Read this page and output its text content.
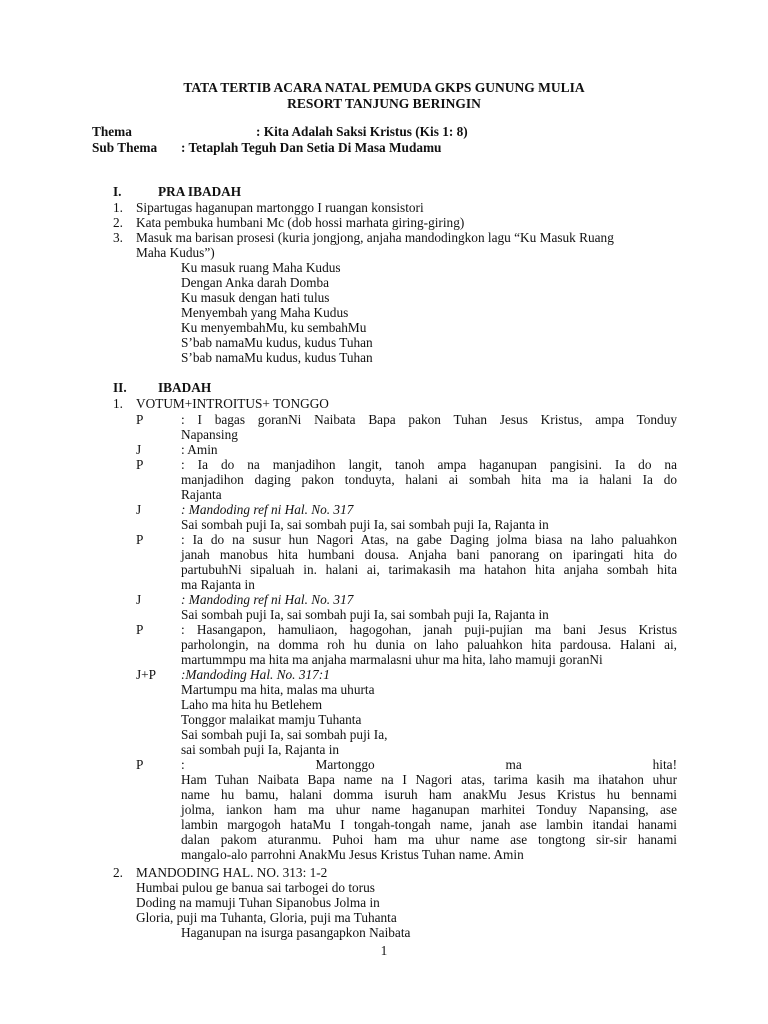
TATA TERTIB ACARA NATAL PEMUDA GKPS GUNUNG MULIA
RESORT TANJUNG BERINGIN
Thema	: Kita Adalah Saksi Kristus (Kis 1: 8)
Sub Thema : Tetaplah Teguh Dan Setia Di Masa Mudamu
I.	PRA IBADAH
1. Sipartugas haganupan martonggo I ruangan konsistori
2. Kata pembuka humbani Mc (dob hossi marhata giring-giring)
3. Masuk ma barisan prosesi (kuria jongjong, anjaha mandodingkon lagu “Ku Masuk Ruang
Maha Kudus”)
Ku masuk ruang Maha Kudus
Dengan Anka darah Domba
Ku masuk dengan hati tulus
Menyembah yang Maha Kudus
Ku menyembahMu, ku sembahMu
S’bab namaMu kudus, kudus Tuhan
S’bab namaMu kudus, kudus Tuhan
II. IBADAH
1. VOTUM+INTROITUS+ TONGGO
P	: I bagas goranNi Naibata Bapa pakon Tuhan Jesus Kristus, ampa Tonduy
Napansing
J	: Amin
P	: Ia do na manjadihon langit, tanoh ampa haganupan pangisini. Ia do na
manjadihon daging pakon tonduyta, halani ai sombah hita ma ia halani Ia do
Rajanta
J	: Mandoding ref ni Hal. No. 317
Sai sombah puji Ia, sai sombah puji Ia, sai sombah puji Ia, Rajanta in
P	: Ia do na susur hun Nagori Atas, na gabe Daging jolma biasa na laho paluahkon
janah manobus hita humbani dousa. Anjaha bani panorang on iparingati hita do
partubuhNi sipaluah in. halani ai, tarimakasih ma hatahon hita anjaha sombah hita
ma Rajanta in
J	: Mandoding ref ni Hal. No. 317
Sai sombah puji Ia, sai sombah puji Ia, sai sombah puji Ia, Rajanta in
P	: Hasangapon, hamuliaon, hagogohan, janah puji-pujian ma bani Jesus Kristus
parholongin, na domma roh hu dunia on laho paluahkon hita pardousa. Halani ai,
martummpu ma hita ma anjaha marmalasni uhur ma hita, laho mamuji goranNi
J+P :Mandoding Hal. No. 317:1
Martumpu ma hita, malas ma uhurta
Laho ma hita hu Betlehem
Tonggor malaikat mamju Tuhanta
Sai sombah puji Ia, sai sombah puji Ia,
sai sombah puji Ia, Rajanta in
P	: Martonggo ma hita!
Ham Tuhan Naibata Bapa name na I Nagori atas, tarima kasih ma ihatahon uhur
name hu bamu, halani domma isuruh ham anakMu Jesus Kristus hu bennami
jolma, iankon ham ma uhur name haganupan marhitei Tonduy Napansing, ase
lambin margogoh hataMu I tongah-tongah name, janah ase lambin itandai hanami
dalan pakom aturanmu. Puhoi ham ma uhur name ase tongtong sir-sir hanami
mangalo-alo parrohni AnakMu Jesus Kristus Tuhan name. Amin
2. MANDODING HAL. NO. 313: 1-2
Humbai pulou ge banua sai tarbogei do torus
Doding na mamuji Tuhan Sipanobus Jolma in
Gloria, puji ma Tuhanta, Gloria, puji ma Tuhanta
Haganupan na isurga pasangapkon Naibata
1
